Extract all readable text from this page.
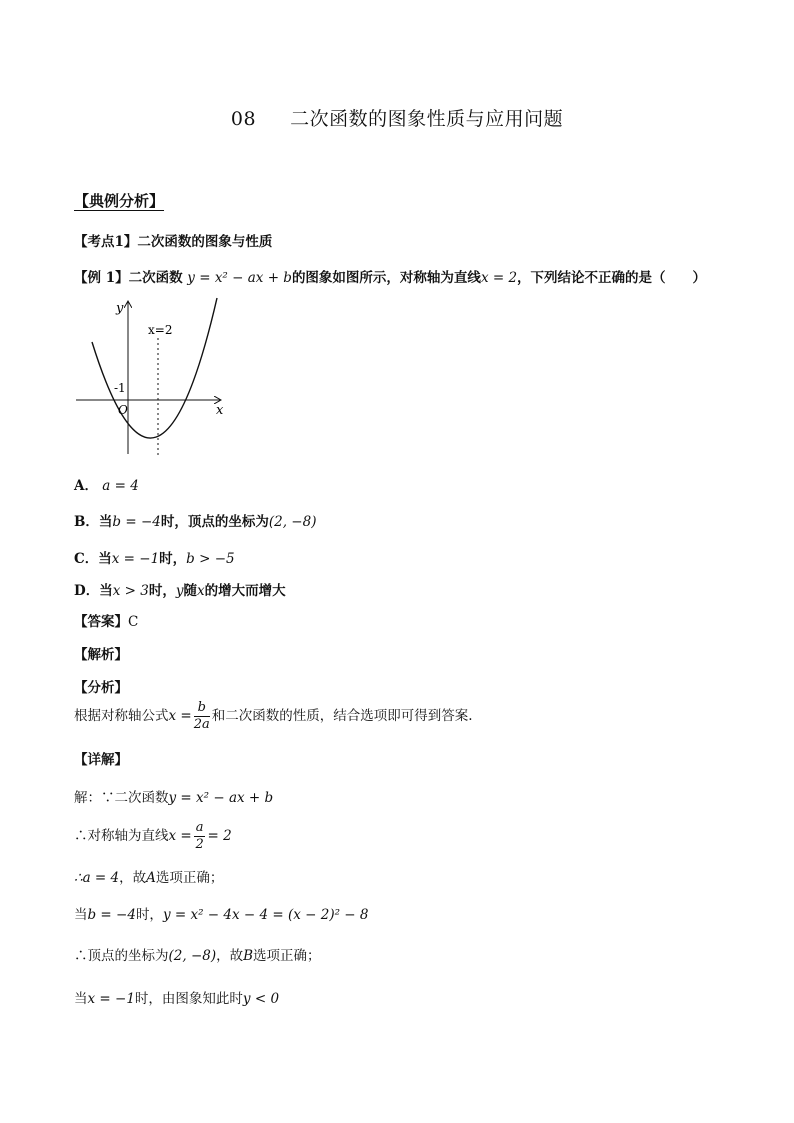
08 二次函数的图象性质与应用问题
【典例分析】
【考点1】二次函数的图象与性质
【例 1】二次函数 y = x² − ax + b的图象如图所示，对称轴为直线x = 2，下列结论不正确的是（　　）
y
x
O
-1
x=2
A． a = 4
B．当b = −4时，顶点的坐标为(2, −8)
C．当x = −1时，b > −5
D．当x > 3时，y随x的增大而增大
【答案】C
【解析】
【分析】
根据对称轴公式$x = \frac{b}{2a}$ 和二次函数的性质，结合选项即可得到答案.
【详解】
解：∵二次函数y = x² − ax + b
∴对称轴为直线$x = \frac{a}{2} = 2$
∴a = 4，故A选项正确；
当b = −4时，y = x² − 4x − 4 = (x − 2)² − 8
∴顶点的坐标为(2, −8)，故B选项正确；
当x = −1时，由图象知此时y < 0
